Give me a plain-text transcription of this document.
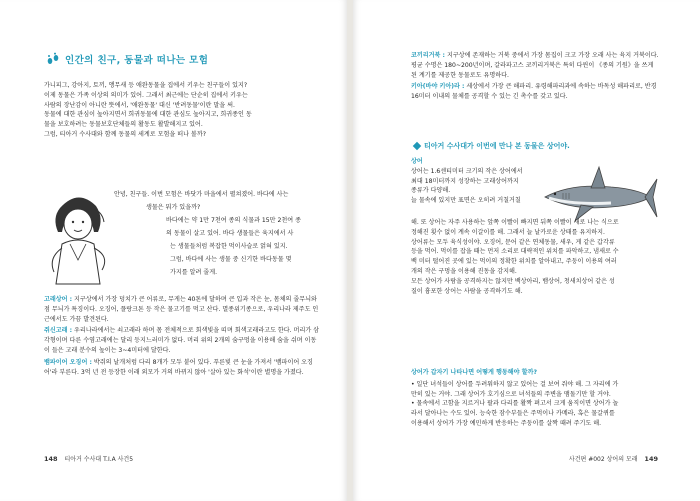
인간의 친구, 동물과 떠나는 모험
가니피그, 강아지, 토끼, 앵무새 등 애완동물을 집에서 키우는 친구들이 있지?
이제 동물은 가족 이상의 의미가 있어. 그래서 최근에는 단순히 집에서 키우는
사람의 장난감이 아니란 뜻에서, '애완동물' 대신 '반려동물'이란 말을 써.
동물에 대한 관심이 높아지면서 희귀동물에 대한 관심도 높아지고, 희귀종인 동
물을 보호하려는 동물보호단체들의 활동도 활발해지고 있어.
그럼, 티아거 수사대와 함께 동물의 세계로 모험을 떠나 볼까?
안녕, 친구들. 이번 모험은 바닷가 마을에서 펼쳐졌어. 바다에 사는
생물은 뭐가 있을까?
바다에는 약 1만 7천여 종의 식물과 15만 2천여 종
의 동물이 살고 있어. 바다 생물들은 육지에서 사
는 생물들처럼 복잡한 먹이사슬로 얽혀 있지.
그럼, 바다에 사는 생물 중 신기한 바다동물 몇
가지를 알려 줄게.
고래상어 : 지구상에서 가장 덩치가 큰 어류로, 무게는 40톤에 달하며 큰 입과 작은 눈, 몸체의 줄무늬와 점 무늬가 특징이다. 오징어, 플랑크톤 등 작은 물고기를 먹고 산다. 멸종위기종으로, 우리나라 제주도 인근에서도 가끔 발견된다.
쥐신고래 : 우리나라에서는 쇠고래라 하며 몸 전체적으로 회색빛을 띠며 회색고래라고도 한다. 머리가 삼각형이며 다른 수염고래에는 달리 등지느러미가 없다. 머리 위의 2개의 숨구멍을 이용해 숨을 쉬며 이동이 들은 고래 분수의 높이는 3~4미터에 달한다.
뱀파이어 오징어 : 박쥐의 날개처럼 다리 8개가 모두 붙어 있다. 푸른빛 큰 눈을 가져서 '뱀파이어 오징어'라 부른다. 3억 년 전 등장한 이래 외모가 거의 바뀌지 않아 '살아 있는 화석'이란 별명을 가졌다.
148 티아거 수사대 T.I.A 사건5
코끼리거북 : 지구상에 존재하는 거북 중에서 가장 몸집이 크고 가장 오래 사는 육지 거북이다. 평균 수명은 180~200년이며, 갈라파고스 코끼리거북은 특히 다윈이 《종의 기원》을 쓰게 된 계기를 제공한 동물로도 유명하다.
키아(바야 키아)라 : 세상에서 가장 큰 해파리. 유령해파리과에 속하는 바독성 해파리로, 반경 16미터 이내의 물체를 공격할 수 있는 긴 촉수를 갖고 있다.
티아거 수사대가 이번에 만나 본 동물은 상어야.
상어
상어는 1.6센티미터 크기의 작은 상어에서
최대 18미터까지 성장하는 고래상어까지
종류가 다양해.
늘 물속에 있지만 표면은 오히려 거칠거칠
해. 또 상어는 자주 사용하는 앞쪽 이빨이 빠지면 뒤쪽 이빨이 새로 나는 식으로
정해진 횟수 없이 계속 이갈이를 해. 그래서 늘 날카로운 상태를 유지하지.
상어류는 모두 육식성이야. 오징어, 문어 같은 연체동물, 새우, 게 같은 갑각류
등을 먹어. 먹이를 잡을 때는 먼저 소리로 대략적인 위치를 파악하고, 냄새로 수
백 미터 떨어진 곳에 있는 먹이의 정확한 위치를 알아내고, 주둥이 이용의 여러
개의 작은 구멍을 이용해 진동을 감지해.
모든 상어가 사람을 공격하지는 않지만 백상아리, 뱀상어, 청새치상어 같은 성
질이 흉포한 상어는 사람을 공격하기도 해.
상어가 갑자기 나타나면 어떻게 행동해야 할까?
• 일단 녀석들이 상어를 두려워하지 않고 있어는 걸 보여 줘야 해. 그 자리에 가
만히 있는 거야. 그래 상어가 호기심으로 녀석들의 주변을 맴돌기만 할 거야.
• 물속에서 고함을 지르거나 팔과 다리를 활짝 펴고서 크게 움직이면 상어가 놀
라서 달아나는 수도 있어. 능숙한 잠수부들은 주먹이나 카메라, 혹은 물갈퀴를
이용해서 상어가 가장 예민하게 반응하는 주둥이를 살짝 때려 주기도 해.
사건편 #002 상어의 모래 149
